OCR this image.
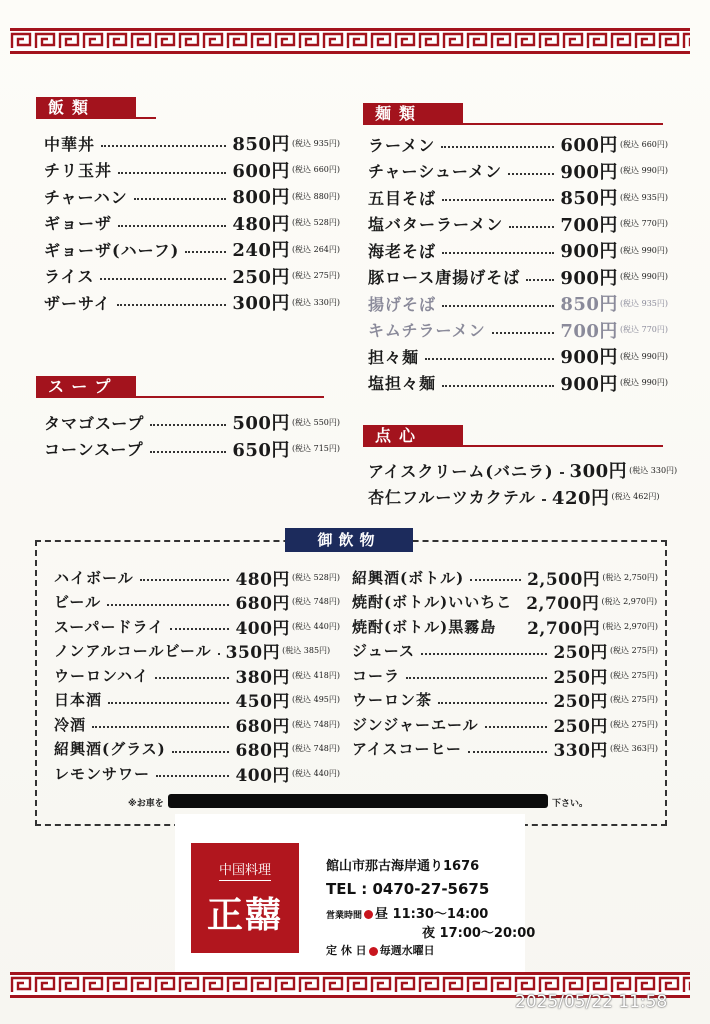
飯類
中華丼	850円 (税込 935円)
チリ玉丼	600円 (税込 660円)
チャーハン	800円 (税込 880円)
ギョーザ	480円 (税込 528円)
ギョーザ(ハーフ)	240円 (税込 264円)
ライス	250円 (税込 275円)
ザーサイ	300円 (税込 330円)
スープ
タマゴスープ	500円 (税込 550円)
コーンスープ	650円 (税込 715円)
麺類
ラーメン	600円 (税込 660円)
チャーシューメン	900円 (税込 990円)
五目そば	850円 (税込 935円)
塩バターラーメン	700円 (税込 770円)
海老そば	900円 (税込 990円)
豚ロース唐揚げそば 900円 (税込 990円)
揚げそば	850円 (税込 935円)
キムチラーメン	700円 (税込 770円)
担々麺	900円 (税込 990円)
塩担々麺	900円 (税込 990円)
点心
アイスクリーム(バニラ) 300円 (税込 330円)
杏仁フルーツカクテル 420円 (税込 462円)
御飲物
ハイボール	480円 (税込 528円)
ビール	680円 (税込 748円)
スーパードライ	400円 (税込 440円)
ノンアルコールビール 350円 (税込 385円)
ウーロンハイ	380円 (税込 418円)
日本酒	450円 (税込 495円)
冷酒	680円 (税込 748円)
紹興酒(グラス)	680円 (税込 748円)
レモンサワー	400円 (税込 440円)
紹興酒(ボトル)	2,500円 (税込 2,750円)
焼酎(ボトル)いいちこ 2,700円 (税込 2,970円)
焼酎(ボトル)黒霧島 2,700円 (税込 2,970円)
ジュース	250円 (税込 275円)
コーラ	250円 (税込 275円)
ウーロン茶	250円 (税込 275円)
ジンジャーエール	250円 (税込 275円)
アイスコーヒー	330円 (税込 363円)
※お車を	下さい。
中国料理
正囍
館山市那古海岸通り1676
TEL : 0470-27-5675
営業時間 昼 11:30～14:00
夜 17:00～20:00
定 休 日 毎週水曜日
2025/05/22 11:58
